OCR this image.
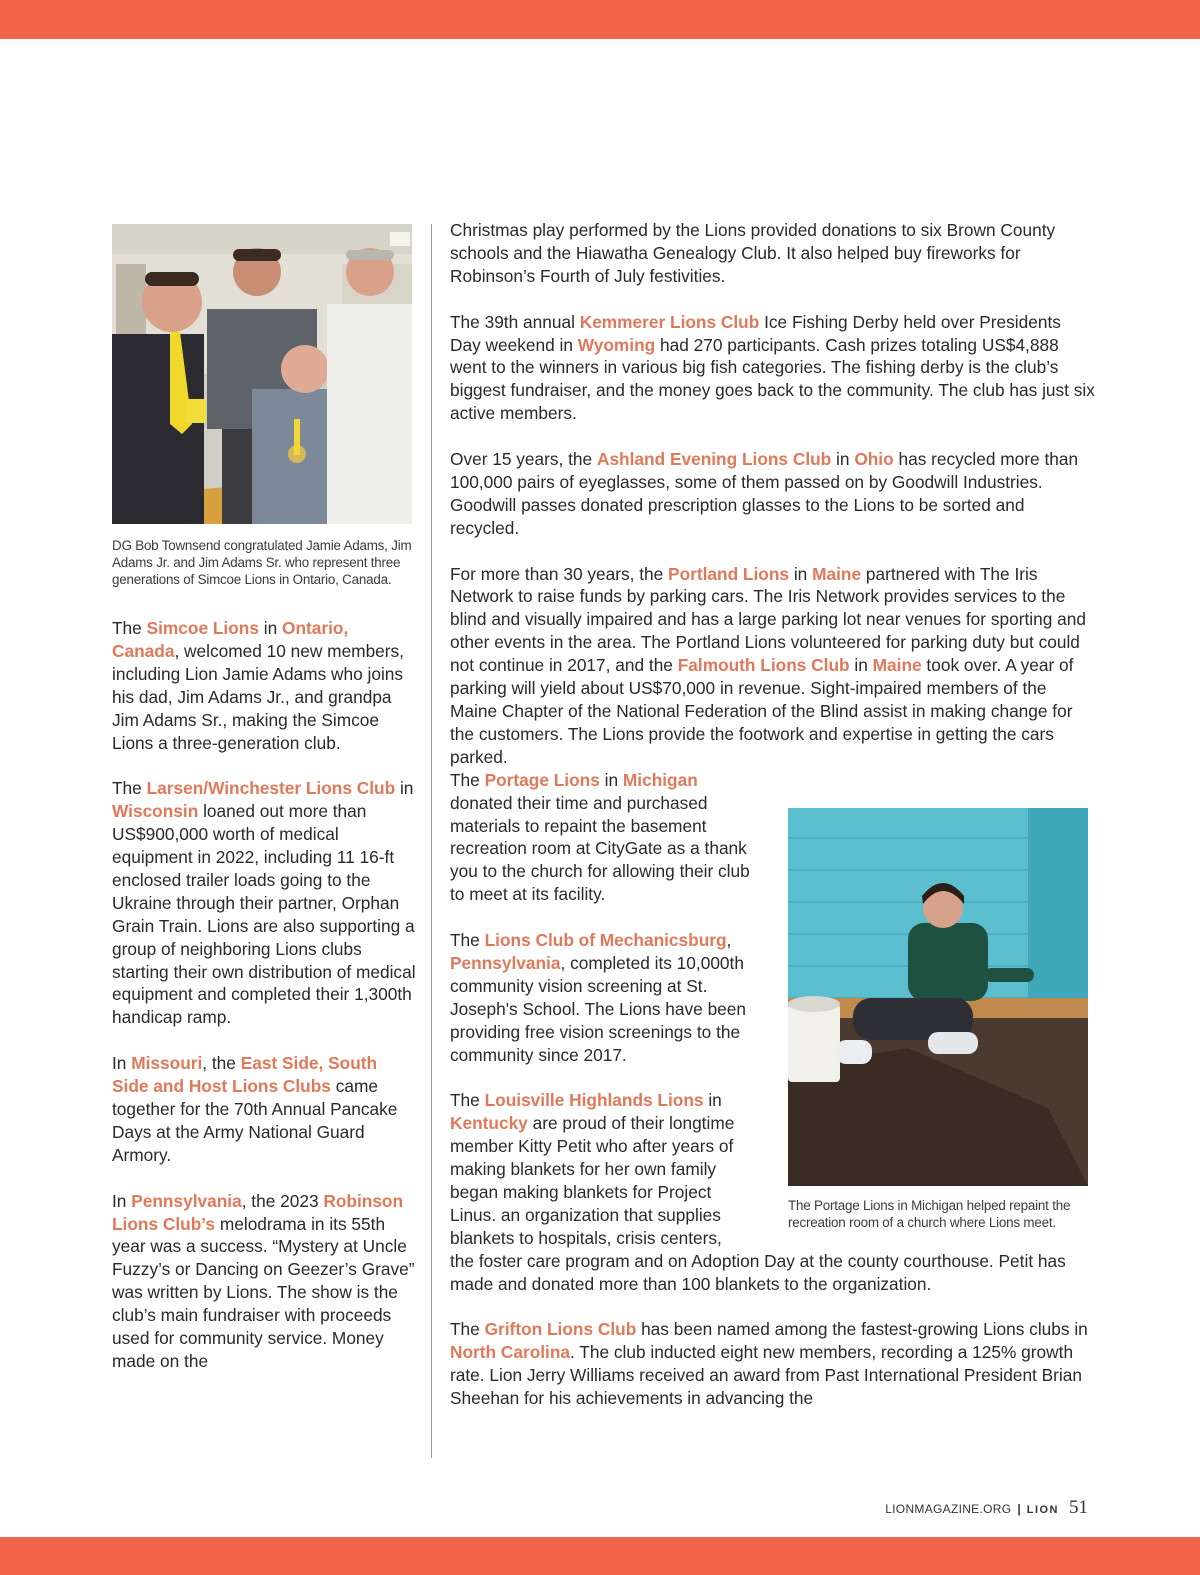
DG Bob Townsend congratulated Jamie Adams, Jim Adams Jr. and Jim Adams Sr. who represent three generations of Simcoe Lions in Ontario, Canada.

The Simcoe Lions in Ontario, Canada, welcomed 10 new members, including Lion Jamie Adams who joins his dad, Jim Adams Jr., and grandpa Jim Adams Sr., making the Simcoe Lions a three-generation club.

The Larsen/Winchester Lions Club in Wisconsin loaned out more than US$900,000 worth of medical equipment in 2022, including 11 16-ft enclosed trailer loads going to the Ukraine through their partner, Orphan Grain Train. Lions are also supporting a group of neighboring Lions clubs starting their own distribution of medical equipment and completed their 1,300th handicap ramp.

In Missouri, the East Side, South Side and Host Lions Clubs came together for the 70th Annual Pancake Days at the Army National Guard Armory.

In Pennsylvania, the 2023 Robinson Lions Club’s melodrama in its 55th year was a success. “Mystery at Uncle Fuzzy’s or Dancing on Geezer’s Grave” was written by Lions. The show is the club’s main fundraiser with proceeds used for community service. Money made on the

Christmas play performed by the Lions provided donations to six Brown County schools and the Hiawatha Genealogy Club. It also helped buy fireworks for Robinson’s Fourth of July festivities.

The 39th annual Kemmerer Lions Club Ice Fishing Derby held over Presidents Day weekend in Wyoming had 270 participants. Cash prizes totaling US$4,888 went to the winners in various big fish categories. The fishing derby is the club’s biggest fundraiser, and the money goes back to the community. The club has just six active members.

Over 15 years, the Ashland Evening Lions Club in Ohio has recycled more than 100,000 pairs of eyeglasses, some of them passed on by Goodwill Industries. Goodwill passes donated prescription glasses to the Lions to be sorted and recycled.

For more than 30 years, the Portland Lions in Maine partnered with The Iris Network to raise funds by parking cars. The Iris Network provides services to the blind and visually impaired and has a large parking lot near venues for sporting and other events in the area. The Portland Lions volunteered for parking duty but could not continue in 2017, and the Falmouth Lions Club in Maine took over. A year of parking will yield about US$70,000 in revenue. Sight-impaired members of the Maine Chapter of the National Federation of the Blind assist in making change for the customers. The Lions provide the footwork and expertise in getting the cars parked.

The Portage Lions in Michigan donated their time and purchased materials to repaint the basement recreation room at CityGate as a thank you to the church for allowing their club to meet at its facility.

The Lions Club of Mechanicsburg, Pennsylvania, completed its 10,000th community vision screening at St. Joseph's School. The Lions have been providing free vision screenings to the community since 2017.

The Louisville Highlands Lions in Kentucky are proud of their longtime member Kitty Petit who after years of making blankets for her own family began making blankets for Project Linus. an organization that supplies blankets to hospitals, crisis centers, the foster care program and on Adoption Day at the county courthouse. Petit has made and donated more than 100 blankets to the organization.

The Grifton Lions Club has been named among the fastest-growing Lions clubs in North Carolina. The club inducted eight new members, recording a 125% growth rate. Lion Jerry Williams received an award from Past International President Brian Sheehan for his achievements in advancing the

The Portage Lions in Michigan helped repaint the recreation room of a church where Lions meet.
LIONMAGAZINE.ORG | LION 51
